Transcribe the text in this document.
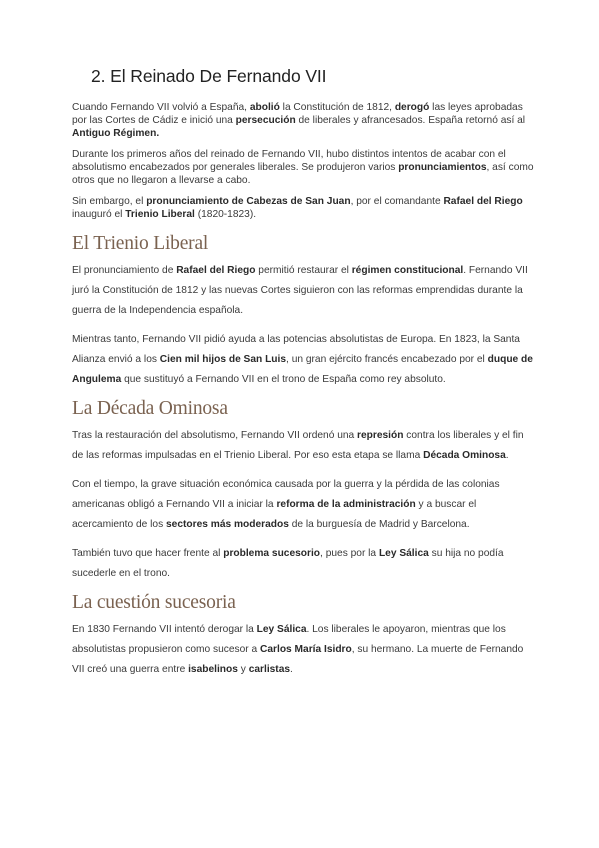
2. El Reinado De Fernando VII

Cuando Fernando VII volvió a España, abolió la Constitución de 1812, derogó las leyes aprobadas por las Cortes de Cádiz e inició una persecución de liberales y afrancesados. España retornó así al Antiguo Régimen.

Durante los primeros años del reinado de Fernando VII, hubo distintos intentos de acabar con el absolutismo encabezados por generales liberales. Se produjeron varios pronunciamientos, así como otros que no llegaron a llevarse a cabo.

Sin embargo, el pronunciamiento de Cabezas de San Juan, por el comandante Rafael del Riego inauguró el Trienio Liberal (1820-1823).

El Trienio Liberal

El pronunciamiento de Rafael del Riego permitió restaurar el régimen constitucional. Fernando VII juró la Constitución de 1812 y las nuevas Cortes siguieron con las reformas emprendidas durante la guerra de la Independencia española.

Mientras tanto, Fernando VII pidió ayuda a las potencias absolutistas de Europa. En 1823, la Santa Alianza envió a los Cien mil hijos de San Luis, un gran ejército francés encabezado por el duque de Angulema que sustituyó a Fernando VII en el trono de España como rey absoluto.

La Década Ominosa

Tras la restauración del absolutismo, Fernando VII ordenó una represión contra los liberales y el fin de las reformas impulsadas en el Trienio Liberal. Por eso esta etapa se llama Década Ominosa.

Con el tiempo, la grave situación económica causada por la guerra y la pérdida de las colonias americanas obligó a Fernando VII a iniciar la reforma de la administración y a buscar el acercamiento de los sectores más moderados de la burguesía de Madrid y Barcelona.

También tuvo que hacer frente al problema sucesorio, pues por la Ley Sálica su hija no podía sucederle en el trono.

La cuestión sucesoria

En 1830 Fernando VII intentó derogar la Ley Sálica. Los liberales le apoyaron, mientras que los absolutistas propusieron como sucesor a Carlos María Isidro, su hermano. La muerte de Fernando VII creó una guerra entre isabelinos y carlistas.
